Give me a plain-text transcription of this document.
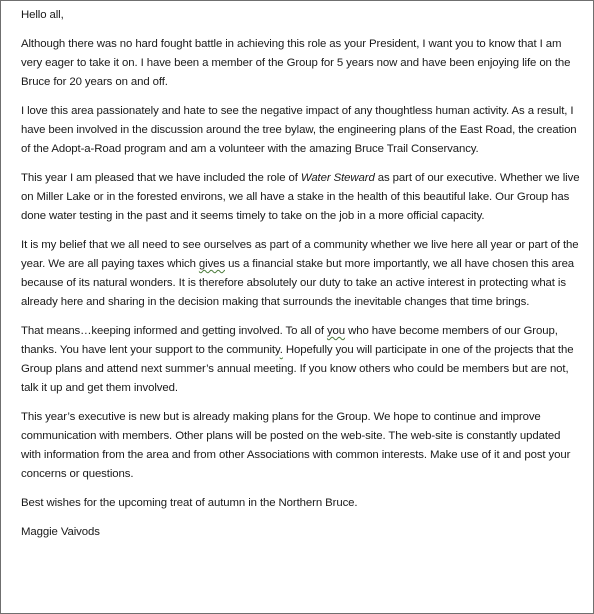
Hello all,

Although there was no hard fought battle in achieving this role as your President, I want you to know that I am very eager to take it on. I have been a member of the Group for 5 years now and have been enjoying life on the Bruce for 20 years on and off.

I love this area passionately and hate to see the negative impact of any thoughtless human activity. As a result, I have been involved in the discussion around the tree bylaw, the engineering plans of the East Road, the creation of the Adopt-a-Road program and am a volunteer with the amazing Bruce Trail Conservancy.

This year I am pleased that we have included the role of Water Steward as part of our executive. Whether we live on Miller Lake or in the forested environs, we all have a stake in the health of this beautiful lake. Our Group has done water testing in the past and it seems timely to take on the job in a more official capacity.

It is my belief that we all need to see ourselves as part of a community whether we live here all year or part of the year. We are all paying taxes which gives us a financial stake but more importantly, we all have chosen this area because of its natural wonders. It is therefore absolutely our duty to take an active interest in protecting what is already here and sharing in the decision making that surrounds the inevitable changes that time brings.

That means…keeping informed and getting involved. To all of you who have become members of our Group, thanks. You have lent your support to the community. Hopefully you will participate in one of the projects that the Group plans and attend next summer’s annual meeting. If you know others who could be members but are not, talk it up and get them involved.

This year’s executive is new but is already making plans for the Group. We hope to continue and improve communication with members. Other plans will be posted on the web-site. The web-site is constantly updated with information from the area and from other Associations with common interests. Make use of it and post your concerns or questions.

Best wishes for the upcoming treat of autumn in the Northern Bruce.

Maggie Vaivods
